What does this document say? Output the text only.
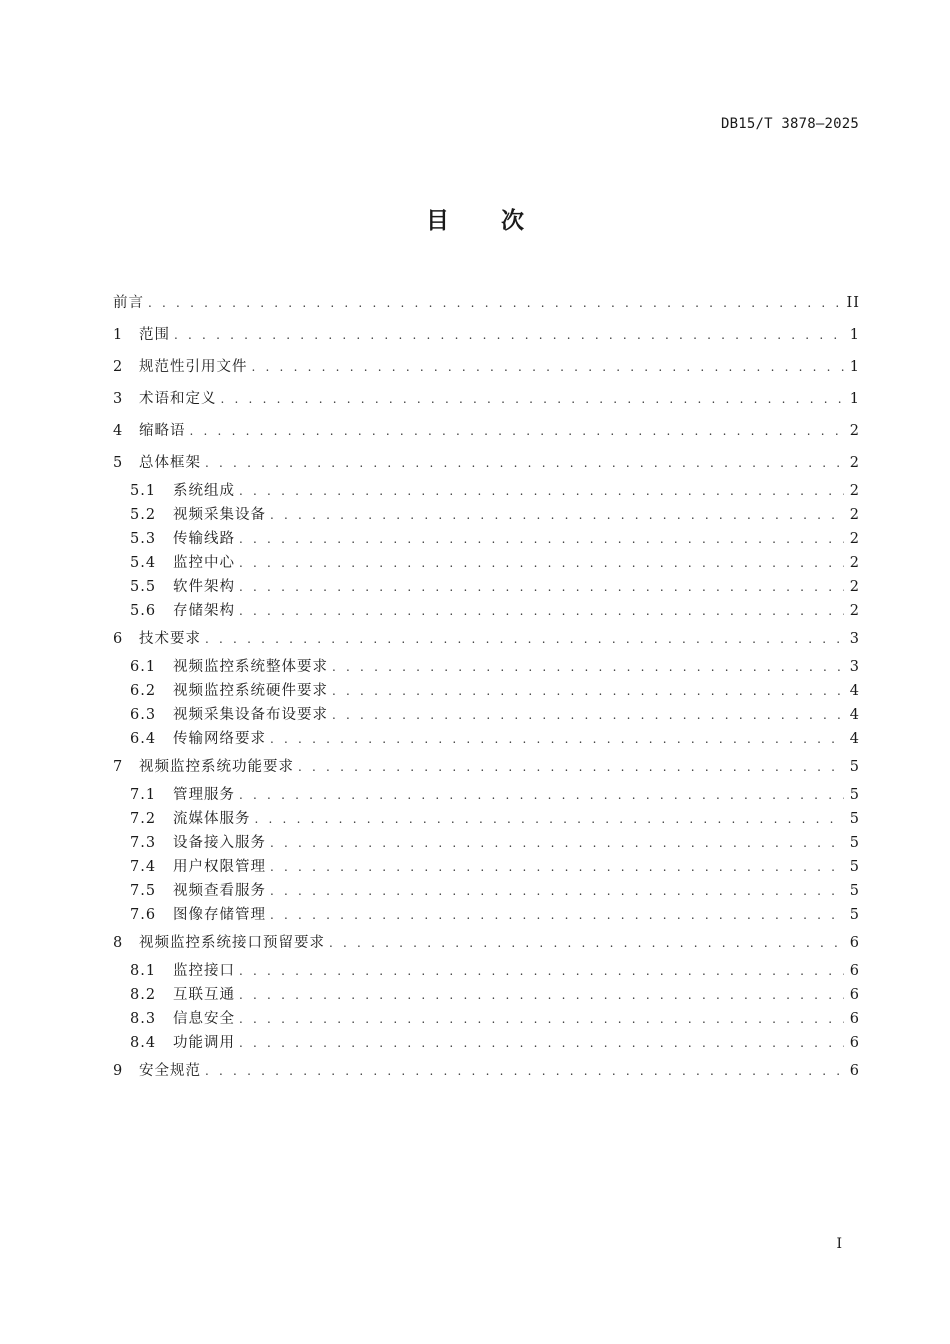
DB15/T 3878—2025
目 次
前言 . . .	II
1	范围 . . .	1
2	规范性引用文件 . . .	1
3	术语和定义 . . .	1
4	缩略语 . . .	2
5	总体框架 . . .	2
5.1	系统组成 . . .	2
5.2	视频采集设备 . . .	2
5.3	传输线路 . . .	2
5.4	监控中心 . . .	2
5.5	软件架构 . . .	2
5.6	存储架构 . . .	2
6	技术要求 . . .	3
6.1	视频监控系统整体要求 . . .	3
6.2	视频监控系统硬件要求 . . .	4
6.3	视频采集设备布设要求 . . .	4
6.4	传输网络要求 . . .	4
7	视频监控系统功能要求 . . .	5
7.1	管理服务 . . .	5
7.2	流媒体服务 . . .	5
7.3	设备接入服务 . . .	5
7.4	用户权限管理 . . .	5
7.5	视频查看服务 . . .	5
7.6	图像存储管理 . . .	5
8	视频监控系统接口预留要求 . . .	6
8.1	监控接口 . . .	6
8.2	互联互通 . . .	6
8.3	信息安全 . . .	6
8.4	功能调用 . . .	6
9	安全规范 . . .	6
I
